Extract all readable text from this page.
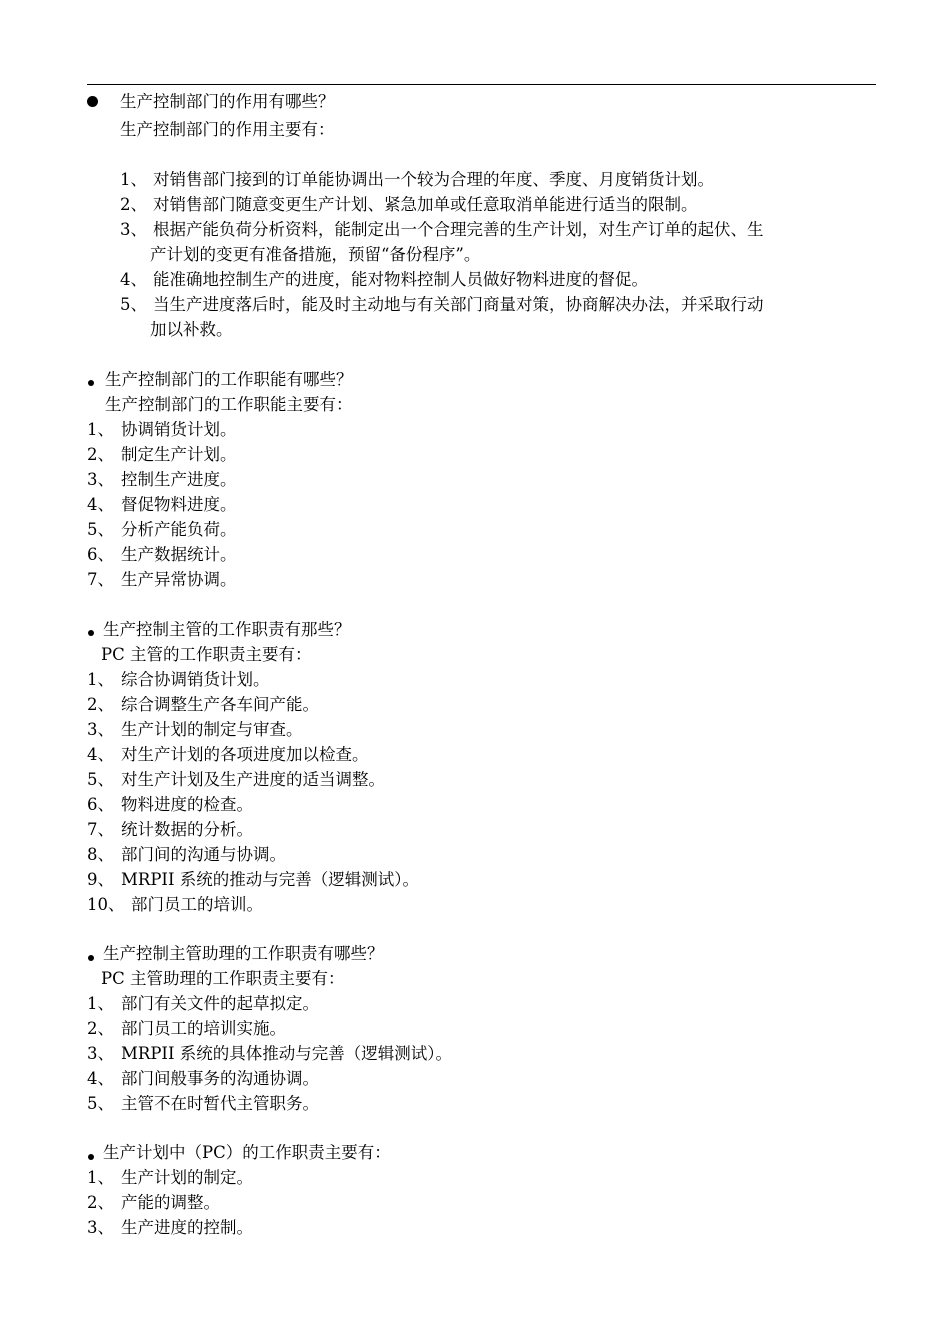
生产控制部门的作用有哪些？
生产控制部门的作用主要有：
1、 对销售部门接到的订单能协调出一个较为合理的年度、季度、月度销货计划。
2、 对销售部门随意变更生产计划、紧急加单或任意取消单能进行适当的限制。
3、 根据产能负荷分析资料，能制定出一个合理完善的生产计划，对生产订单的起伏、生
产计划的变更有准备措施，预留“备份程序”。
4、 能准确地控制生产的进度，能对物料控制人员做好物料进度的督促。
5、 当生产进度落后时，能及时主动地与有关部门商量对策，协商解决办法，并采取行动
加以补救。
生产控制部门的工作职能有哪些？
生产控制部门的工作职能主要有：
1、 协调销货计划。
2、 制定生产计划。
3、 控制生产进度。
4、 督促物料进度。
5、 分析产能负荷。
6、 生产数据统计。
7、 生产异常协调。
生产控制主管的工作职责有那些？
PC 主管的工作职责主要有：
1、 综合协调销货计划。
2、 综合调整生产各车间产能。
3、 生产计划的制定与审查。
4、 对生产计划的各项进度加以检查。
5、 对生产计划及生产进度的适当调整。
6、 物料进度的检查。
7、 统计数据的分析。
8、 部门间的沟通与协调。
9、 MRPII 系统的推动与完善（逻辑测试）。
10、 部门员工的培训。
生产控制主管助理的工作职责有哪些？
PC 主管助理的工作职责主要有：
1、 部门有关文件的起草拟定。
2、 部门员工的培训实施。
3、 MRPII 系统的具体推动与完善（逻辑测试）。
4、 部门间般事务的沟通协调。
5、 主管不在时暂代主管职务。
生产计划中（PC）的工作职责主要有：
1、 生产计划的制定。
2、 产能的调整。
3、 生产进度的控制。
